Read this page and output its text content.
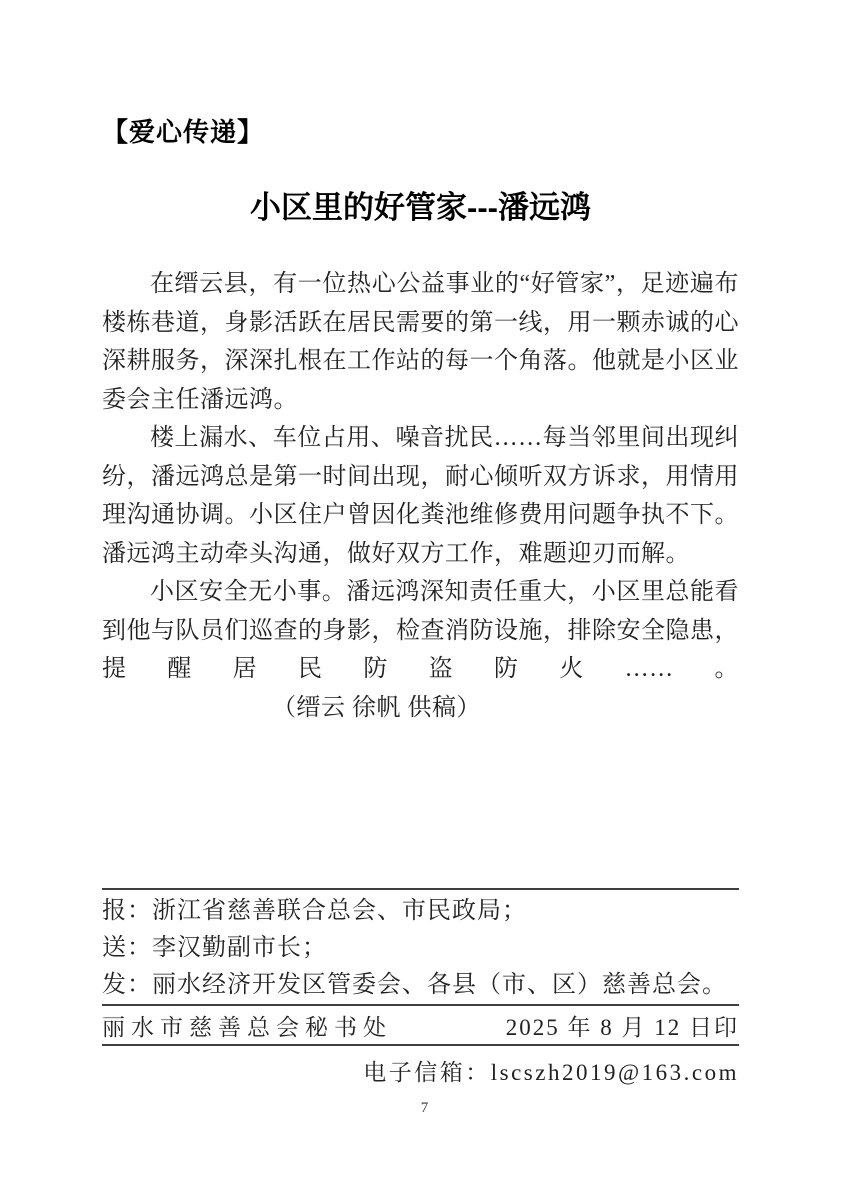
【爱心传递】
小区里的好管家---潘远鸿

在缙云县，有一位热心公益事业的“好管家”，足迹遍布楼栋巷道，身影活跃在居民需要的第一线，用一颗赤诚的心深耕服务，深深扎根在工作站的每一个角落。他就是小区业委会主任潘远鸿。

楼上漏水、车位占用、噪音扰民……每当邻里间出现纠纷，潘远鸿总是第一时间出现，耐心倾听双方诉求，用情用理沟通协调。小区住户曾因化粪池维修费用问题争执不下。潘远鸿主动牵头沟通，做好双方工作，难题迎刃而解。

小区安全无小事。潘远鸿深知责任重大，小区里总能看到他与队员们巡查的身影，检查消防设施，排除安全隐患，提醒居民防盗防火……。（缙云 徐帆 供稿）

报：浙江省慈善联合总会、市民政局；
送：李汉勤副市长；
发：丽水经济开发区管委会、各县（市、区）慈善总会。
丽水市慈善总会秘书处	2025 年 8 月 12 日印
电子信箱：lscszh2019@163.com
7
